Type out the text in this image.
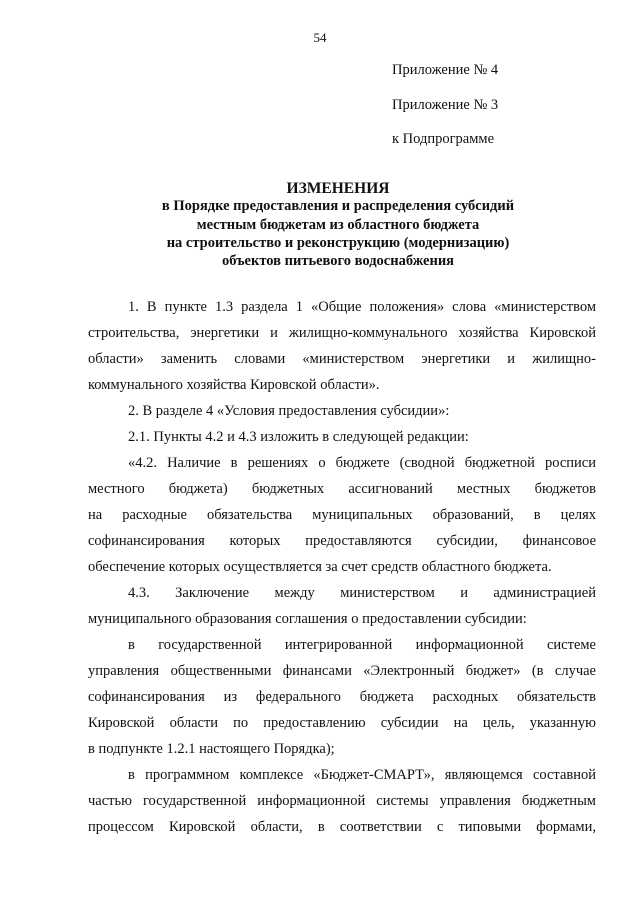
54
Приложение № 4
Приложение № 3
к Подпрограмме
ИЗМЕНЕНИЯ
в Порядке предоставления и распределения субсидий
местным бюджетам из областного бюджета
на строительство и реконструкцию (модернизацию)
объектов питьевого водоснабжения
1. В пункте 1.3 раздела 1 «Общие положения» слова «министерством
строительства, энергетики и жилищно-коммунального хозяйства Кировской
области» заменить словами «министерством энергетики и жилищно-
коммунального хозяйства Кировской области».
2. В разделе 4 «Условия предоставления субсидии»:
2.1. Пункты 4.2 и 4.3 изложить в следующей редакции:
«4.2. Наличие в решениях о бюджете (сводной бюджетной росписи
местного бюджета) бюджетных ассигнований местных бюджетов
на расходные обязательства муниципальных образований, в целях
софинансирования которых предоставляются субсидии, финансовое
обеспечение которых осуществляется за счет средств областного бюджета.
4.3. Заключение между министерством и администрацией
муниципального образования соглашения о предоставлении субсидии:
в государственной интегрированной информационной системе
управления общественными финансами «Электронный бюджет» (в случае
софинансирования из федерального бюджета расходных обязательств
Кировской области по предоставлению субсидии на цель, указанную
в подпункте 1.2.1 настоящего Порядка);
в программном комплексе «Бюджет-СМАРТ», являющемся составной
частью государственной информационной системы управления бюджетным
процессом Кировской области, в соответствии с типовыми формами,
